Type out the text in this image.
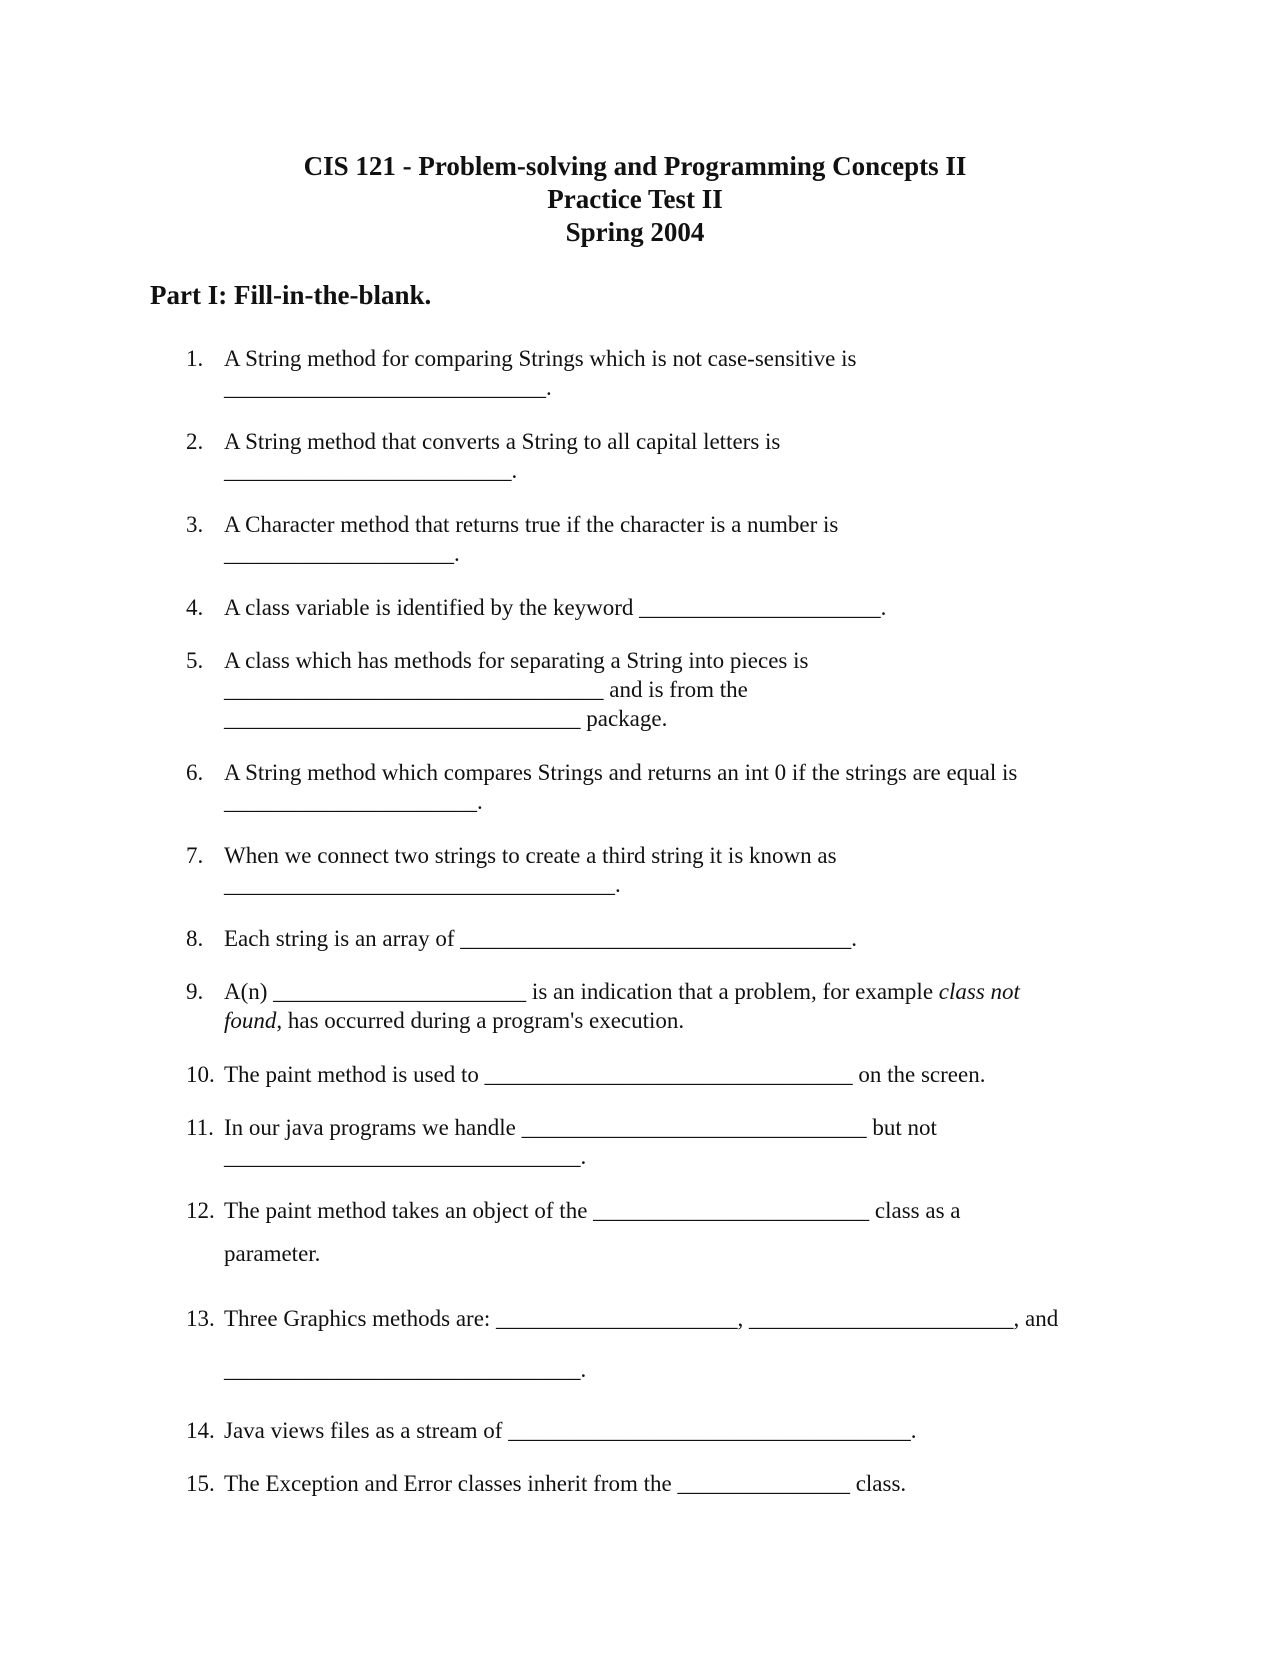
CIS 121 - Problem-solving and Programming Concepts II
Practice Test II
Spring 2004
Part I: Fill-in-the-blank.
1. A String method for comparing Strings which is not case-sensitive is
____________________________.
2. A String method that converts a String to all capital letters is
_________________________.
3. A Character method that returns true if the character is a number is
____________________.
4. A class variable is identified by the keyword _____________________.
5. A class which has methods for separating a String into pieces is
_________________________________ and is from the
_______________________________ package.
6. A String method which compares Strings and returns an int 0 if the strings are equal is
______________________.
7. When we connect two strings to create a third string it is known as
__________________________________.
8. Each string is an array of __________________________________.
9. A(n) ______________________ is an indication that a problem, for example class not
found, has occurred during a program's execution.
10. The paint method is used to ________________________________ on the screen.
11. In our java programs we handle ______________________________ but not
_______________________________.
12. The paint method takes an object of the ________________________ class as a
parameter.
13. Three Graphics methods are: _____________________, _______________________, and
_______________________________.
14. Java views files as a stream of ___________________________________.
15. The Exception and Error classes inherit from the _______________ class.
